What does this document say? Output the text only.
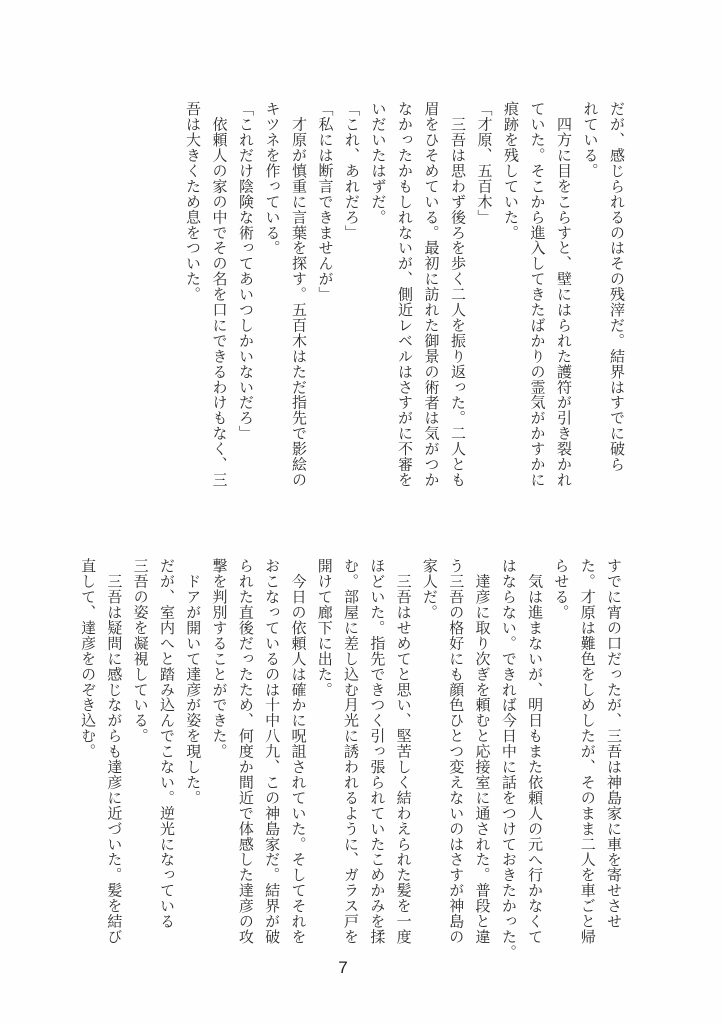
だが、感じられるのはその残滓だ。結界はすでに破ら
れている。
　四方に目をこらすと、壁にはられた護符が引き裂かれ
ていた。そこから進入してきたばかりの霊気がかすかに
痕跡を残していた。
「才原、五百木」
　三吾は思わず後ろを歩く二人を振り返った。二人とも
眉をひそめている。最初に訪れた御景の術者は気がつか
なかったかもしれないが、側近レベルはさすがに不審を
いだいたはずだ。
「これ、あれだろ」
「私には断言できませんが」
　才原が慎重に言葉を探す。五百木はただ指先で影絵の
キツネを作っている。
「これだけ陰険な術ってあいつしかいないだろ」
　依頼人の家の中でその名を口にできるわけもなく、三
吾は大きくため息をついた。
すでに宵の口だったが、三吾は神島家に車を寄せさせ
た。才原は難色をしめしたが、そのまま二人を車ごと帰
らせる。
　気は進まないが、明日もまた依頼人の元へ行かなくて
はならない。できれば今日中に話をつけておきたかった。
　達彦に取り次ぎを頼むと応接室に通された。普段と違
う三吾の格好にも顔色ひとつ変えないのはさすが神島の
家人だ。
　三吾はせめてと思い、堅苦しく結わえられた髪を一度
ほどいた。指先できつく引っ張られていたこめかみを揉
む。部屋に差し込む月光に誘われるように、ガラス戸を
開けて廊下に出た。
　今日の依頼人は確かに呪詛されていた。そしてそれを
おこなっているのは十中八九、この神島家だ。結界が破
られた直後だったため、何度か間近で体感した達彦の攻
撃を判別することができた。
　ドアが開いて達彦が姿を現した。
だが、室内へと踏み込んでこない。逆光になっている
三吾の姿を凝視している。
　三吾は疑問に感じながらも達彦に近づいた。髪を結び
直して、達彦をのぞき込む。
7
